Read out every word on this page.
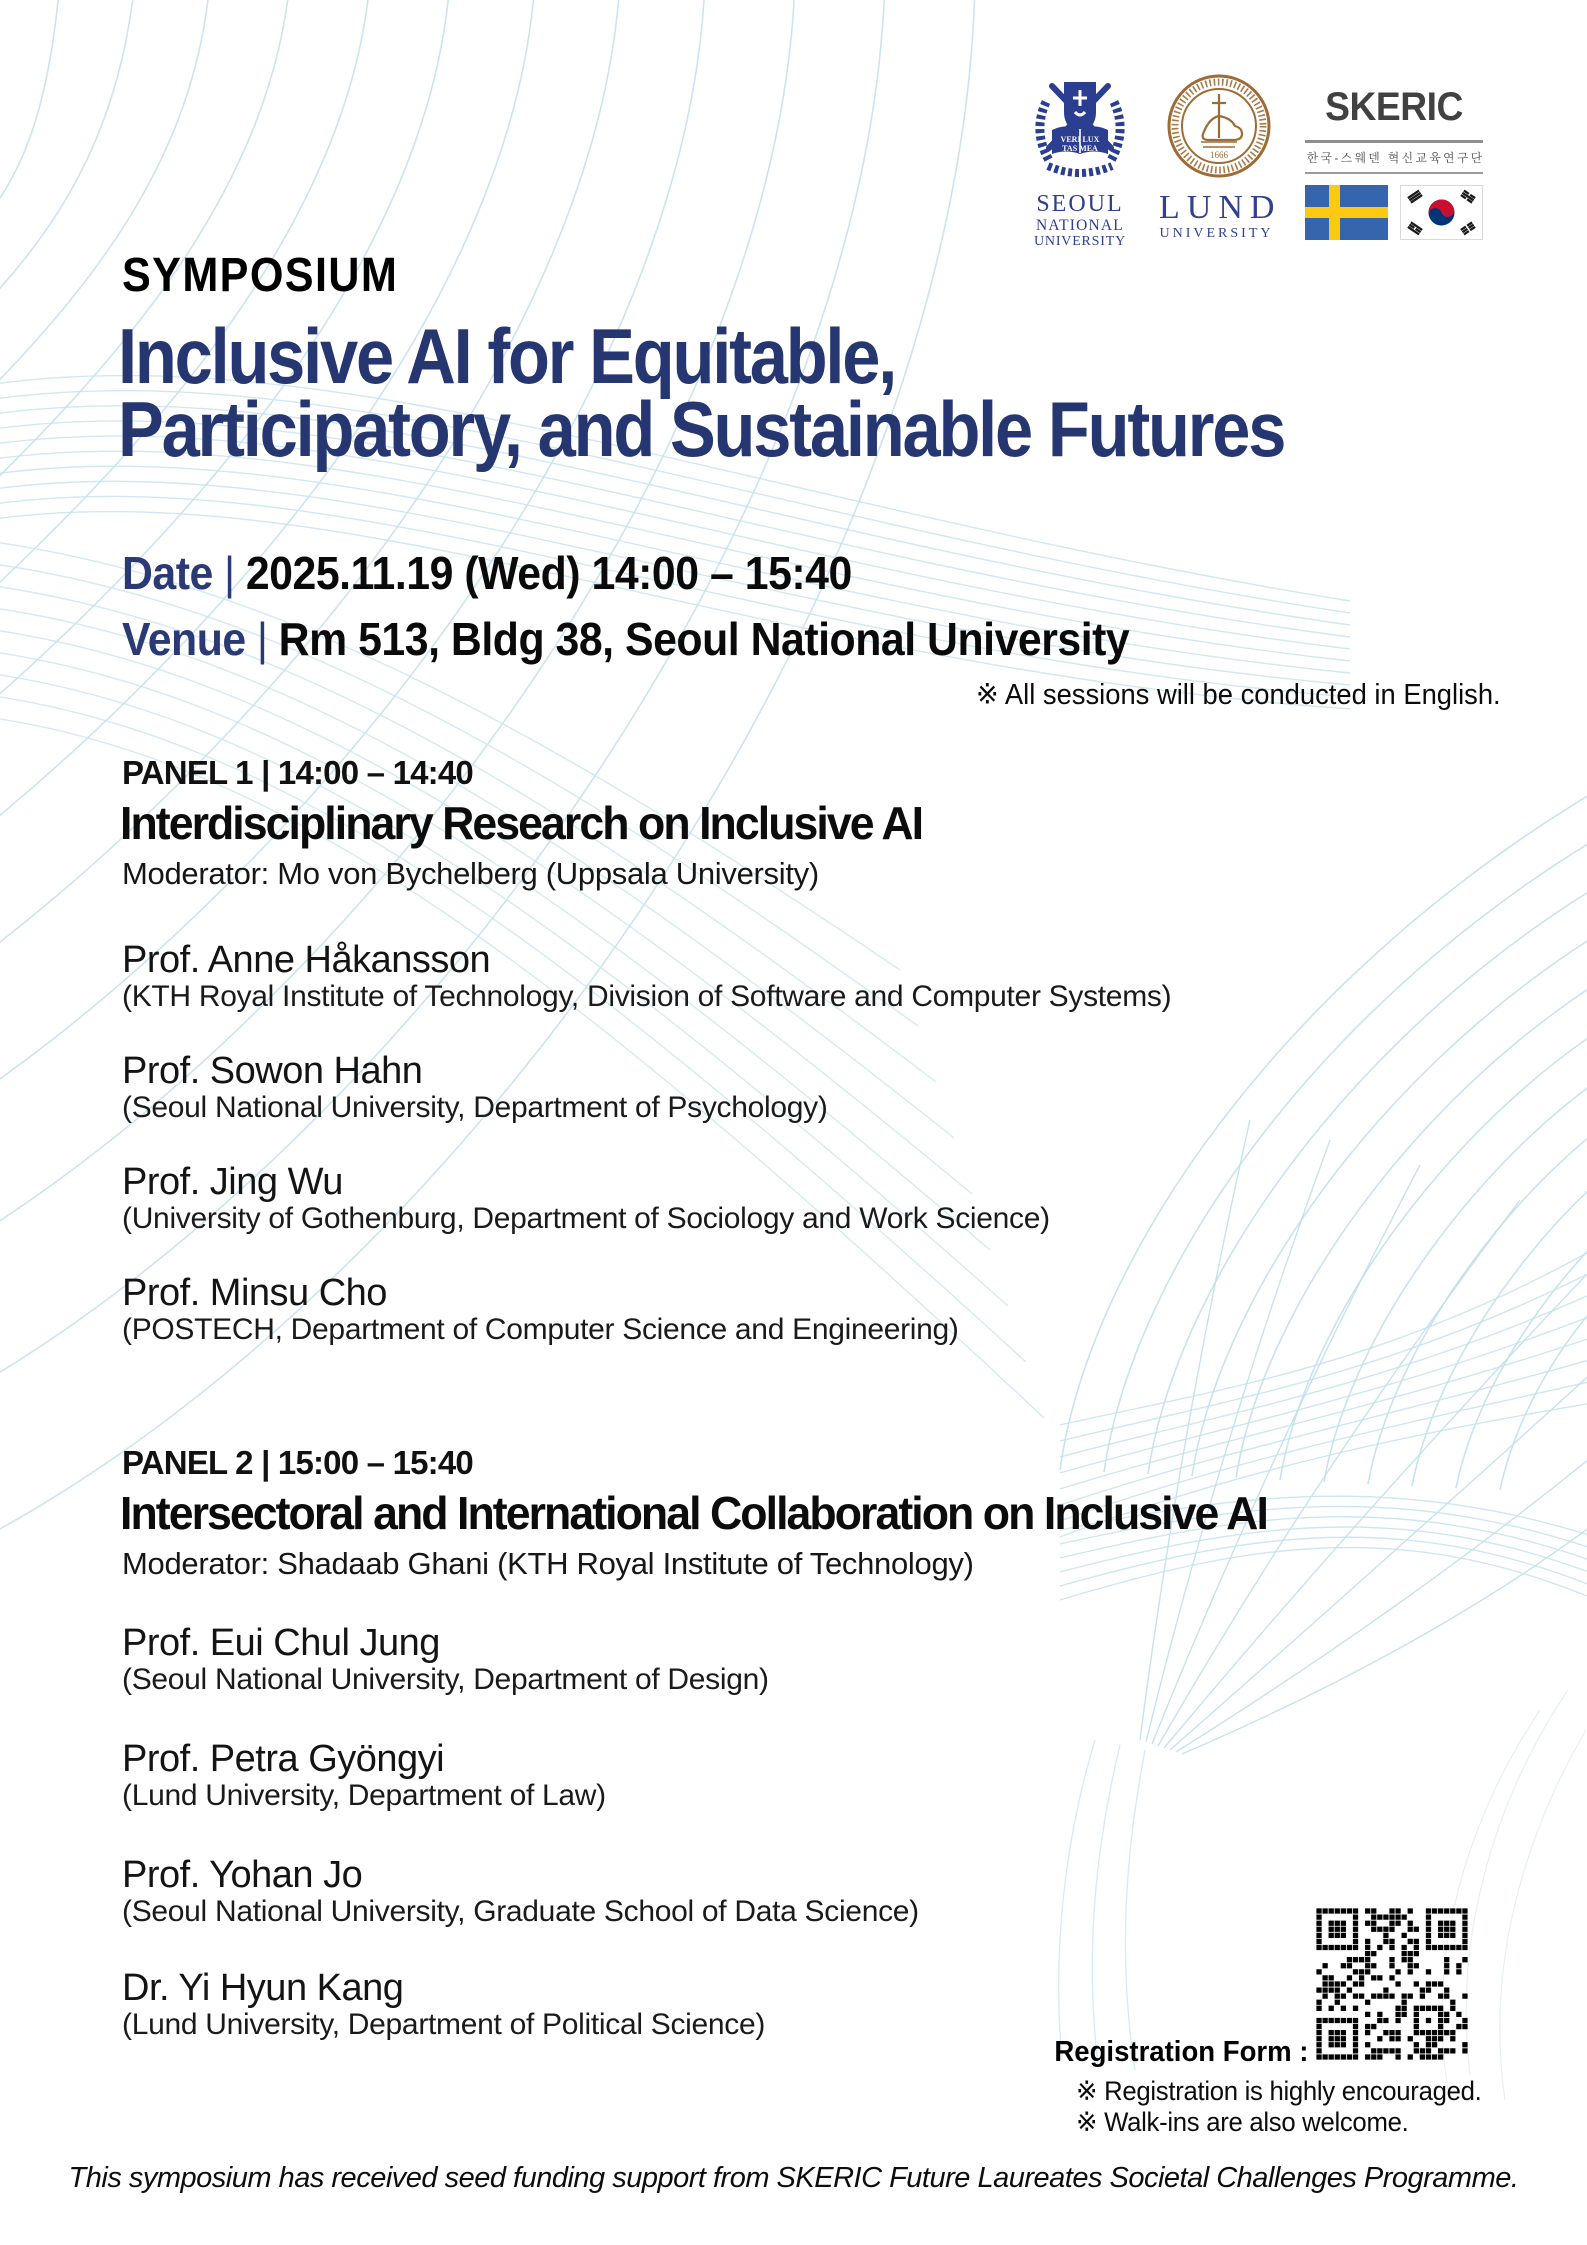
VERI LUX
TAS MEA
SEOUL
NATIONAL
UNIVERSITY
1666
LUND
UNIVERSITY
SKERIC
한국-스웨덴 혁신교육연구단
SYMPOSIUM
Inclusive AI for Equitable,
Participatory, and Sustainable Futures
Date | 2025.11.19 (Wed) 14:00 – 15:40
Venue | Rm 513, Bldg 38, Seoul National University
※ All sessions will be conducted in English.
PANEL 1 | 14:00 – 14:40
Interdisciplinary Research on Inclusive AI
Moderator: Mo von Bychelberg (Uppsala University)
Prof. Anne Håkansson
(KTH Royal Institute of Technology, Division of Software and Computer Systems)
Prof. Sowon Hahn
(Seoul National University, Department of Psychology)
Prof. Jing Wu
(University of Gothenburg, Department of Sociology and Work Science)
Prof. Minsu Cho
(POSTECH, Department of Computer Science and Engineering)
PANEL 2 | 15:00 – 15:40
Intersectoral and International Collaboration on Inclusive AI
Moderator: Shadaab Ghani (KTH Royal Institute of Technology)
Prof. Eui Chul Jung
(Seoul National University, Department of Design)
Prof. Petra Gyöngyi
(Lund University, Department of Law)
Prof. Yohan Jo
(Seoul National University, Graduate School of Data Science)
Dr. Yi Hyun Kang
(Lund University, Department of Political Science)
Registration Form :
※ Registration is highly encouraged.
※ Walk-ins are also welcome.
This symposium has received seed funding support from SKERIC Future Laureates Societal Challenges Programme.
